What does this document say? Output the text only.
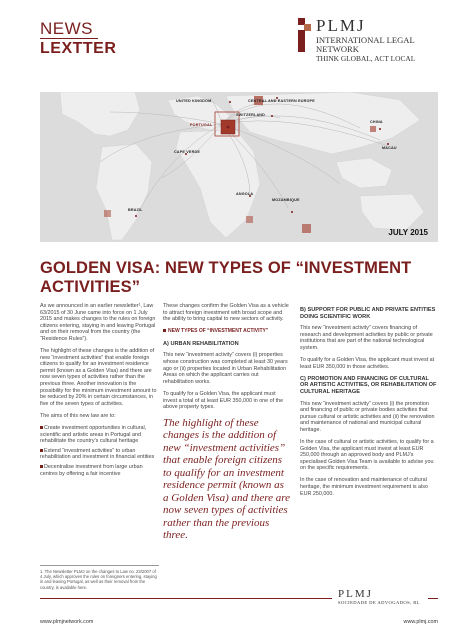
NEWS
LEXTTER
PLMJ
INTERNATIONAL LEGAL NETWORK
THINK GLOBAL, ACT LOCAL
UNITED KINGDOM	CENTRAL AND EASTERN EUROPE
SWITZERLAND
PORTUGAL
CHINA
MACAU
CAPE VERDE
ANGOLA
MOZAMBIQUE
BRAZIL
JULY 2015
GOLDEN VISA: NEW TYPES OF “INVESTMENT ACTIVITIES”

As we announced in an earlier newsletter¹, Law 63/2015 of 30 June came into force on 1 July 2015 and makes changes to the rules on foreign citizens entering, staying in and leaving Portugal and on their removal from the country (the “Residence Rules”).

The highlight of these changes is the addition of new “investment activities” that enable foreign citizens to qualify for an investment residence permit (known as a Golden Visa) and there are now seven types of activities rather than the previous three. Another innovation is the possibility for the minimum investment amount to be reduced by 20% in certain circumstances, in five of the seven types of activities.

The aims of this new law are to:

Create investment opportunities in cultural, scientific and artistic areas in Portugal and rehabilitate the country’s cultural heritage
Extend “investment activities” to urban rehabilitation and investment in financial entities
Decentralise investment from large urban centres by offering a fair incentive
1. The Newsletter PLMJ on the changes to Law no. 23/2007 of 4 July, which approves the rules on foreigners entering, staying in and leaving Portugal, as well as their removal from the country, is available here.

These changes confirm the Golden Visa as a vehicle to attract foreign investment with broad scope and the ability to bring capital to new sectors of activity.

NEW TYPES OF “INVESTMENT ACTIVITY”
A) URBAN REHABILITATION

This new “investment activity” covers (i) properties whose construction was completed at least 30 years ago or (ii) properties located in Urban Rehabilitation Areas on which the applicant carries out rehabilitation works.

To qualify for a Golden Visa, the applicant must invest a total of at least EUR 350,000 in one of the above property types.

The highlight of these changes is the addition of new “investment activities” that enable foreign citizens to qualify for an investment residence permit (known as a Golden Visa) and there are now seven types of activities rather than the previous three.
B) SUPPORT FOR PUBLIC AND PRIVATE ENTITIES DOING SCIENTIFIC WORK

This new “investment activity” covers financing of research and development activities by public or private institutions that are part of the national technological system.

To qualify for a Golden Visa, the applicant must invest at least EUR 350,000 in those activities.

C) PROMOTION AND FINANCING OF CULTURAL OR ARTISTIC ACTIVITIES, OR REHABILITATION OF CULTURAL HERITAGE

This new “investment activity” covers (i) the promotion and financing of public or private bodies activities that pursue cultural or artistic activities and (ii) the renovation and maintenance of national and municipal cultural heritage.

In the case of cultural or artistic activities, to qualify for a Golden Visa, the applicant must invest at least EUR 250,000 through an approved body and PLMJ’s specialised Golden Visa Team is available to advise you on the specific requirements.

In the case of renovation and maintenance of cultural heritage, the minimum investment requirement is also EUR 250,000.

PLMJ
SOCIEDADE DE ADVOGADOS, RL
www.plmjnetwork.com	www.plmj.com
